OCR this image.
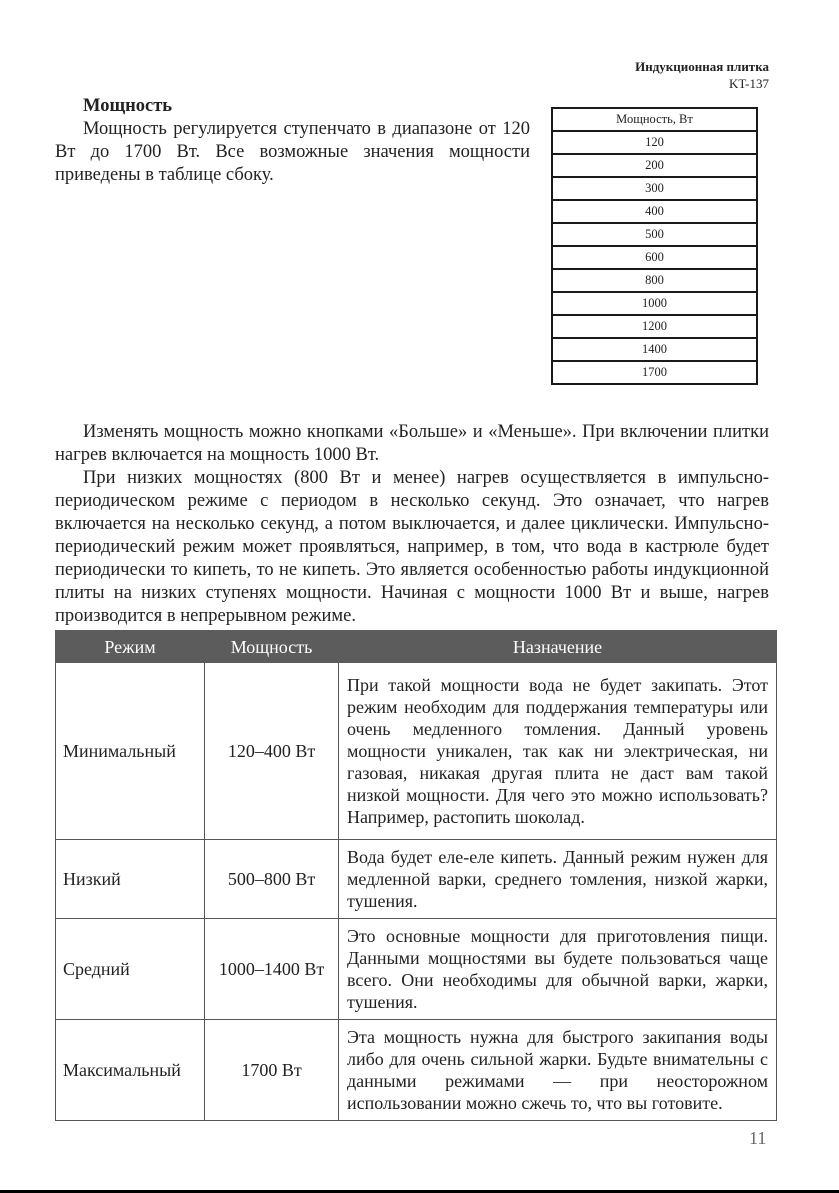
Индукционная плитка
KT-137

Мощность

Мощность регулируется ступенчато в диапазоне от 120 Вт до 1700 Вт. Все возможные значения мощности приведены в таблице сбоку.

Мощность, Вт
120
200
300
400
500
600
800
1000
1200
1400
1700

Изменять мощность можно кнопками «Больше» и «Меньше». При включении плитки нагрев включается на мощность 1000 Вт.

При низких мощностях (800 Вт и менее) нагрев осуществляется в импульсно-периодическом режиме с периодом в несколько секунд. Это означает, что нагрев включается на несколько секунд, а потом выключается, и далее циклически. Импульсно-периодический режим может проявляться, например, в том, что вода в кастрюле будет периодически то кипеть, то не кипеть. Это является особенностью работы индукционной плиты на низких ступенях мощности. Начиная с мощности 1000 Вт и выше, нагрев производится в непрерывном режиме.

Режим	Мощность	Назначение
Минимальный	120–400 Вт	При такой мощности вода не будет закипать. Этот режим необходим для поддержания температуры или очень медленного томления. Данный уровень мощности уникален, так как ни электрическая, ни газовая, никакая другая плита не даст вам такой низкой мощности. Для чего это можно использовать? Например, растопить шоколад.
Низкий	500–800 Вт	Вода будет еле-еле кипеть. Данный режим нужен для медленной варки, среднего томления, низкой жарки, тушения.
Средний	1000–1400 Вт	Это основные мощности для приготовления пищи. Данными мощностями вы будете пользоваться чаще всего. Они необходимы для обычной варки, жарки, тушения.
Максимальный	1700 Вт	Эта мощность нужна для быстрого закипания воды либо для очень сильной жарки. Будьте внимательны с данными режимами — при неосторожном использовании можно сжечь то, что вы готовите.
11
